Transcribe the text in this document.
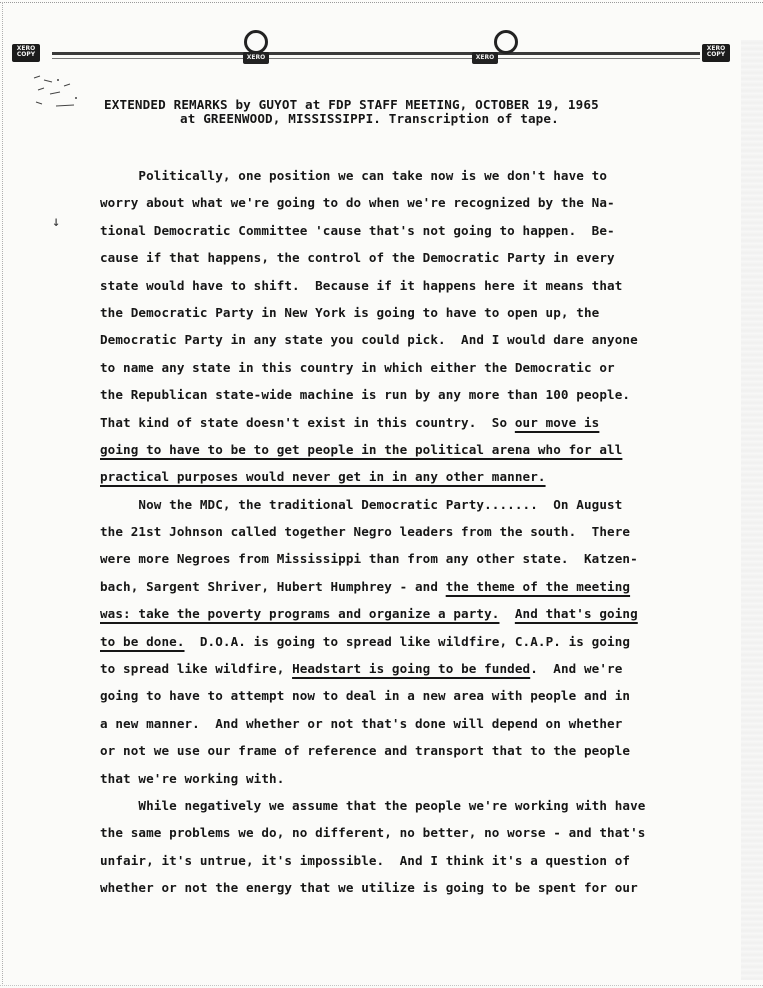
XERO
COPY	XERO	XERO
XERO
COPY
↓
EXTENDED REMARKS by GUYOT at FDP STAFF MEETING, OCTOBER 19, 1965
at GREENWOOD, MISSISSIPPI. Transcription of tape.
Politically, one position we can take now is we don't have to
worry about what we're going to do when we're recognized by the Na-
tional Democratic Committee 'cause that's not going to happen.  Be-
cause if that happens, the control of the Democratic Party in every
state would have to shift.  Because if it happens here it means that
the Democratic Party in New York is going to have to open up, the
Democratic Party in any state you could pick.  And I would dare anyone
to name any state in this country in which either the Democratic or
the Republican state-wide machine is run by any more than 100 people.
That kind of state doesn't exist in this country.  So our move is
going to have to be to get people in the political arena who for all
practical purposes would never get in in any other manner.
Now the MDC, the traditional Democratic Party.......  On August
the 21st Johnson called together Negro leaders from the south.  There
were more Negroes from Mississippi than from any other state.  Katzen-
bach, Sargent Shriver, Hubert Humphrey - and the theme of the meeting
was: take the poverty programs and organize a party. And that's going
to be done.  D.O.A. is going to spread like wildfire, C.A.P. is going
to spread like wildfire, Headstart is going to be funded.  And we're
going to have to attempt now to deal in a new area with people and in
a new manner.  And whether or not that's done will depend on whether
or not we use our frame of reference and transport that to the people
that we're working with.
While negatively we assume that the people we're working with have
the same problems we do, no different, no better, no worse - and that's
unfair, it's untrue, it's impossible.  And I think it's a question of
whether or not the energy that we utilize is going to be spent for our
